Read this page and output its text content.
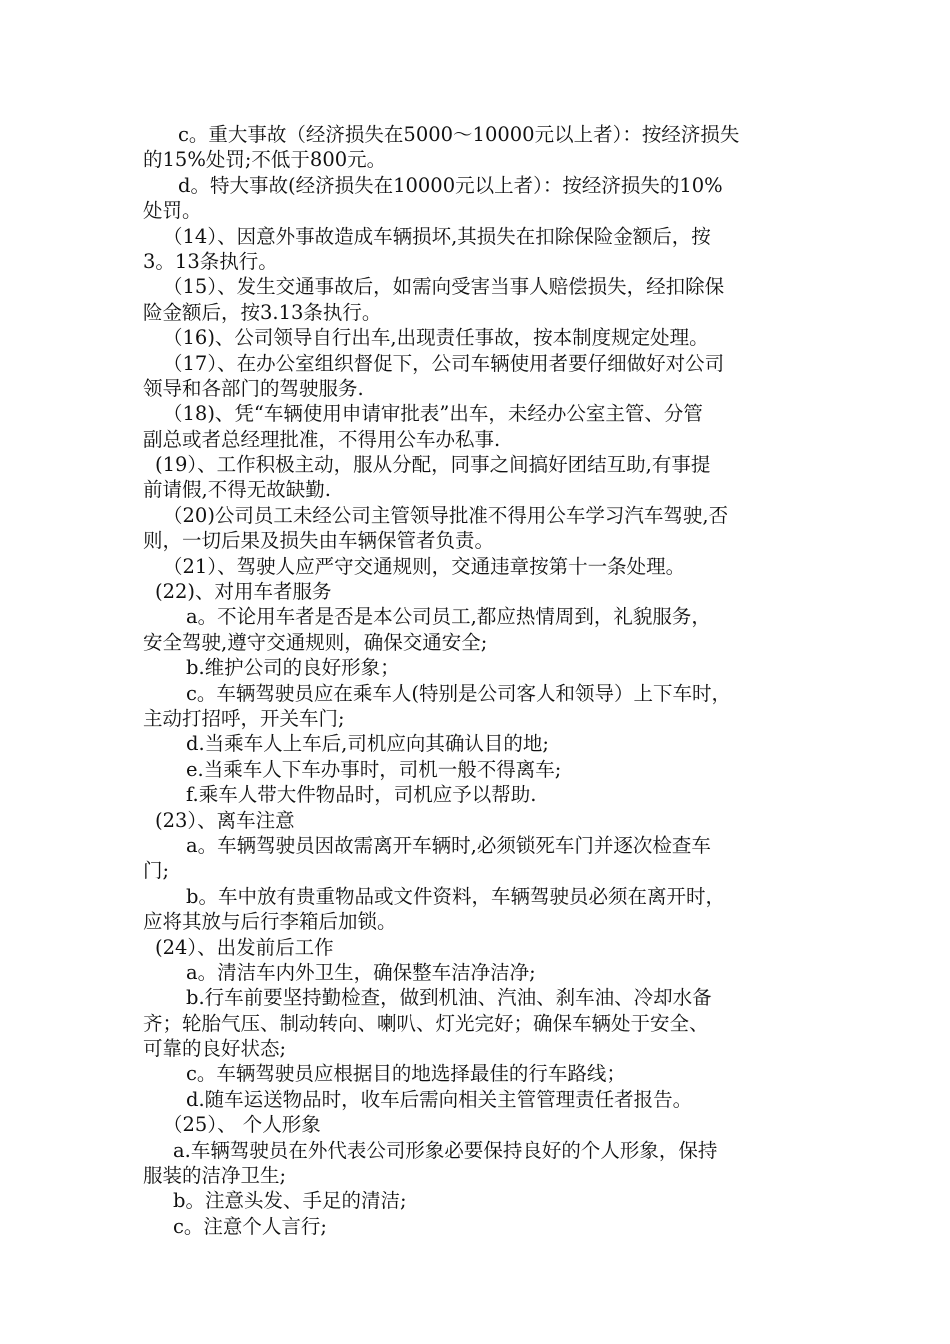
c。重大事故（经济损失在5000～10000元以上者）：按经济损失
的15%处罚;不低于800元。
d。特大事故(经济损失在10000元以上者）：按经济损失的10%
处罚。
（14）、因意外事故造成车辆损坏,其损失在扣除保险金额后，按
3。13条执行。
（15）、发生交通事故后，如需向受害当事人赔偿损失，经扣除保
险金额后，按3.13条执行。
（16)、公司领导自行出车,出现责任事故，按本制度规定处理。
（17）、在办公室组织督促下，公司车辆使用者要仔细做好对公司
领导和各部门的驾驶服务.
（18)、凭“车辆使用申请审批表”出车，未经办公室主管、分管
副总或者总经理批准，不得用公车办私事.
(19）、工作积极主动，服从分配，同事之间搞好团结互助,有事提
前请假,不得无故缺勤.
（20)公司员工未经公司主管领导批准不得用公车学习汽车驾驶,否
则，一切后果及损失由车辆保管者负责。
（21）、驾驶人应严守交通规则，交通违章按第十一条处理。
(22)、对用车者服务
a。不论用车者是否是本公司员工,都应热情周到，礼貌服务，
安全驾驶,遵守交通规则，确保交通安全;
b.维护公司的良好形象；
c。车辆驾驶员应在乘车人(特别是公司客人和领导）上下车时，
主动打招呼，开关车门;
d.当乘车人上车后,司机应向其确认目的地;
e.当乘车人下车办事时，司机一般不得离车;
f.乘车人带大件物品时，司机应予以帮助.
(23）、离车注意
a。车辆驾驶员因故需离开车辆时,必须锁死车门并逐次检查车
门;
b。车中放有贵重物品或文件资料，车辆驾驶员必须在离开时，
应将其放与后行李箱后加锁。
(24）、出发前后工作
a。清洁车内外卫生，确保整车洁净洁净;
b.行车前要坚持勤检查，做到机油、汽油、刹车油、冷却水备
齐；轮胎气压、制动转向、喇叭、灯光完好；确保车辆处于安全、
可靠的良好状态;
c。车辆驾驶员应根据目的地选择最佳的行车路线；
d.随车运送物品时，收车后需向相关主管管理责任者报告。
（25）、 个人形象
a.车辆驾驶员在外代表公司形象必要保持良好的个人形象，保持
服装的洁净卫生;
b。注意头发、手足的清洁;
c。注意个人言行;
